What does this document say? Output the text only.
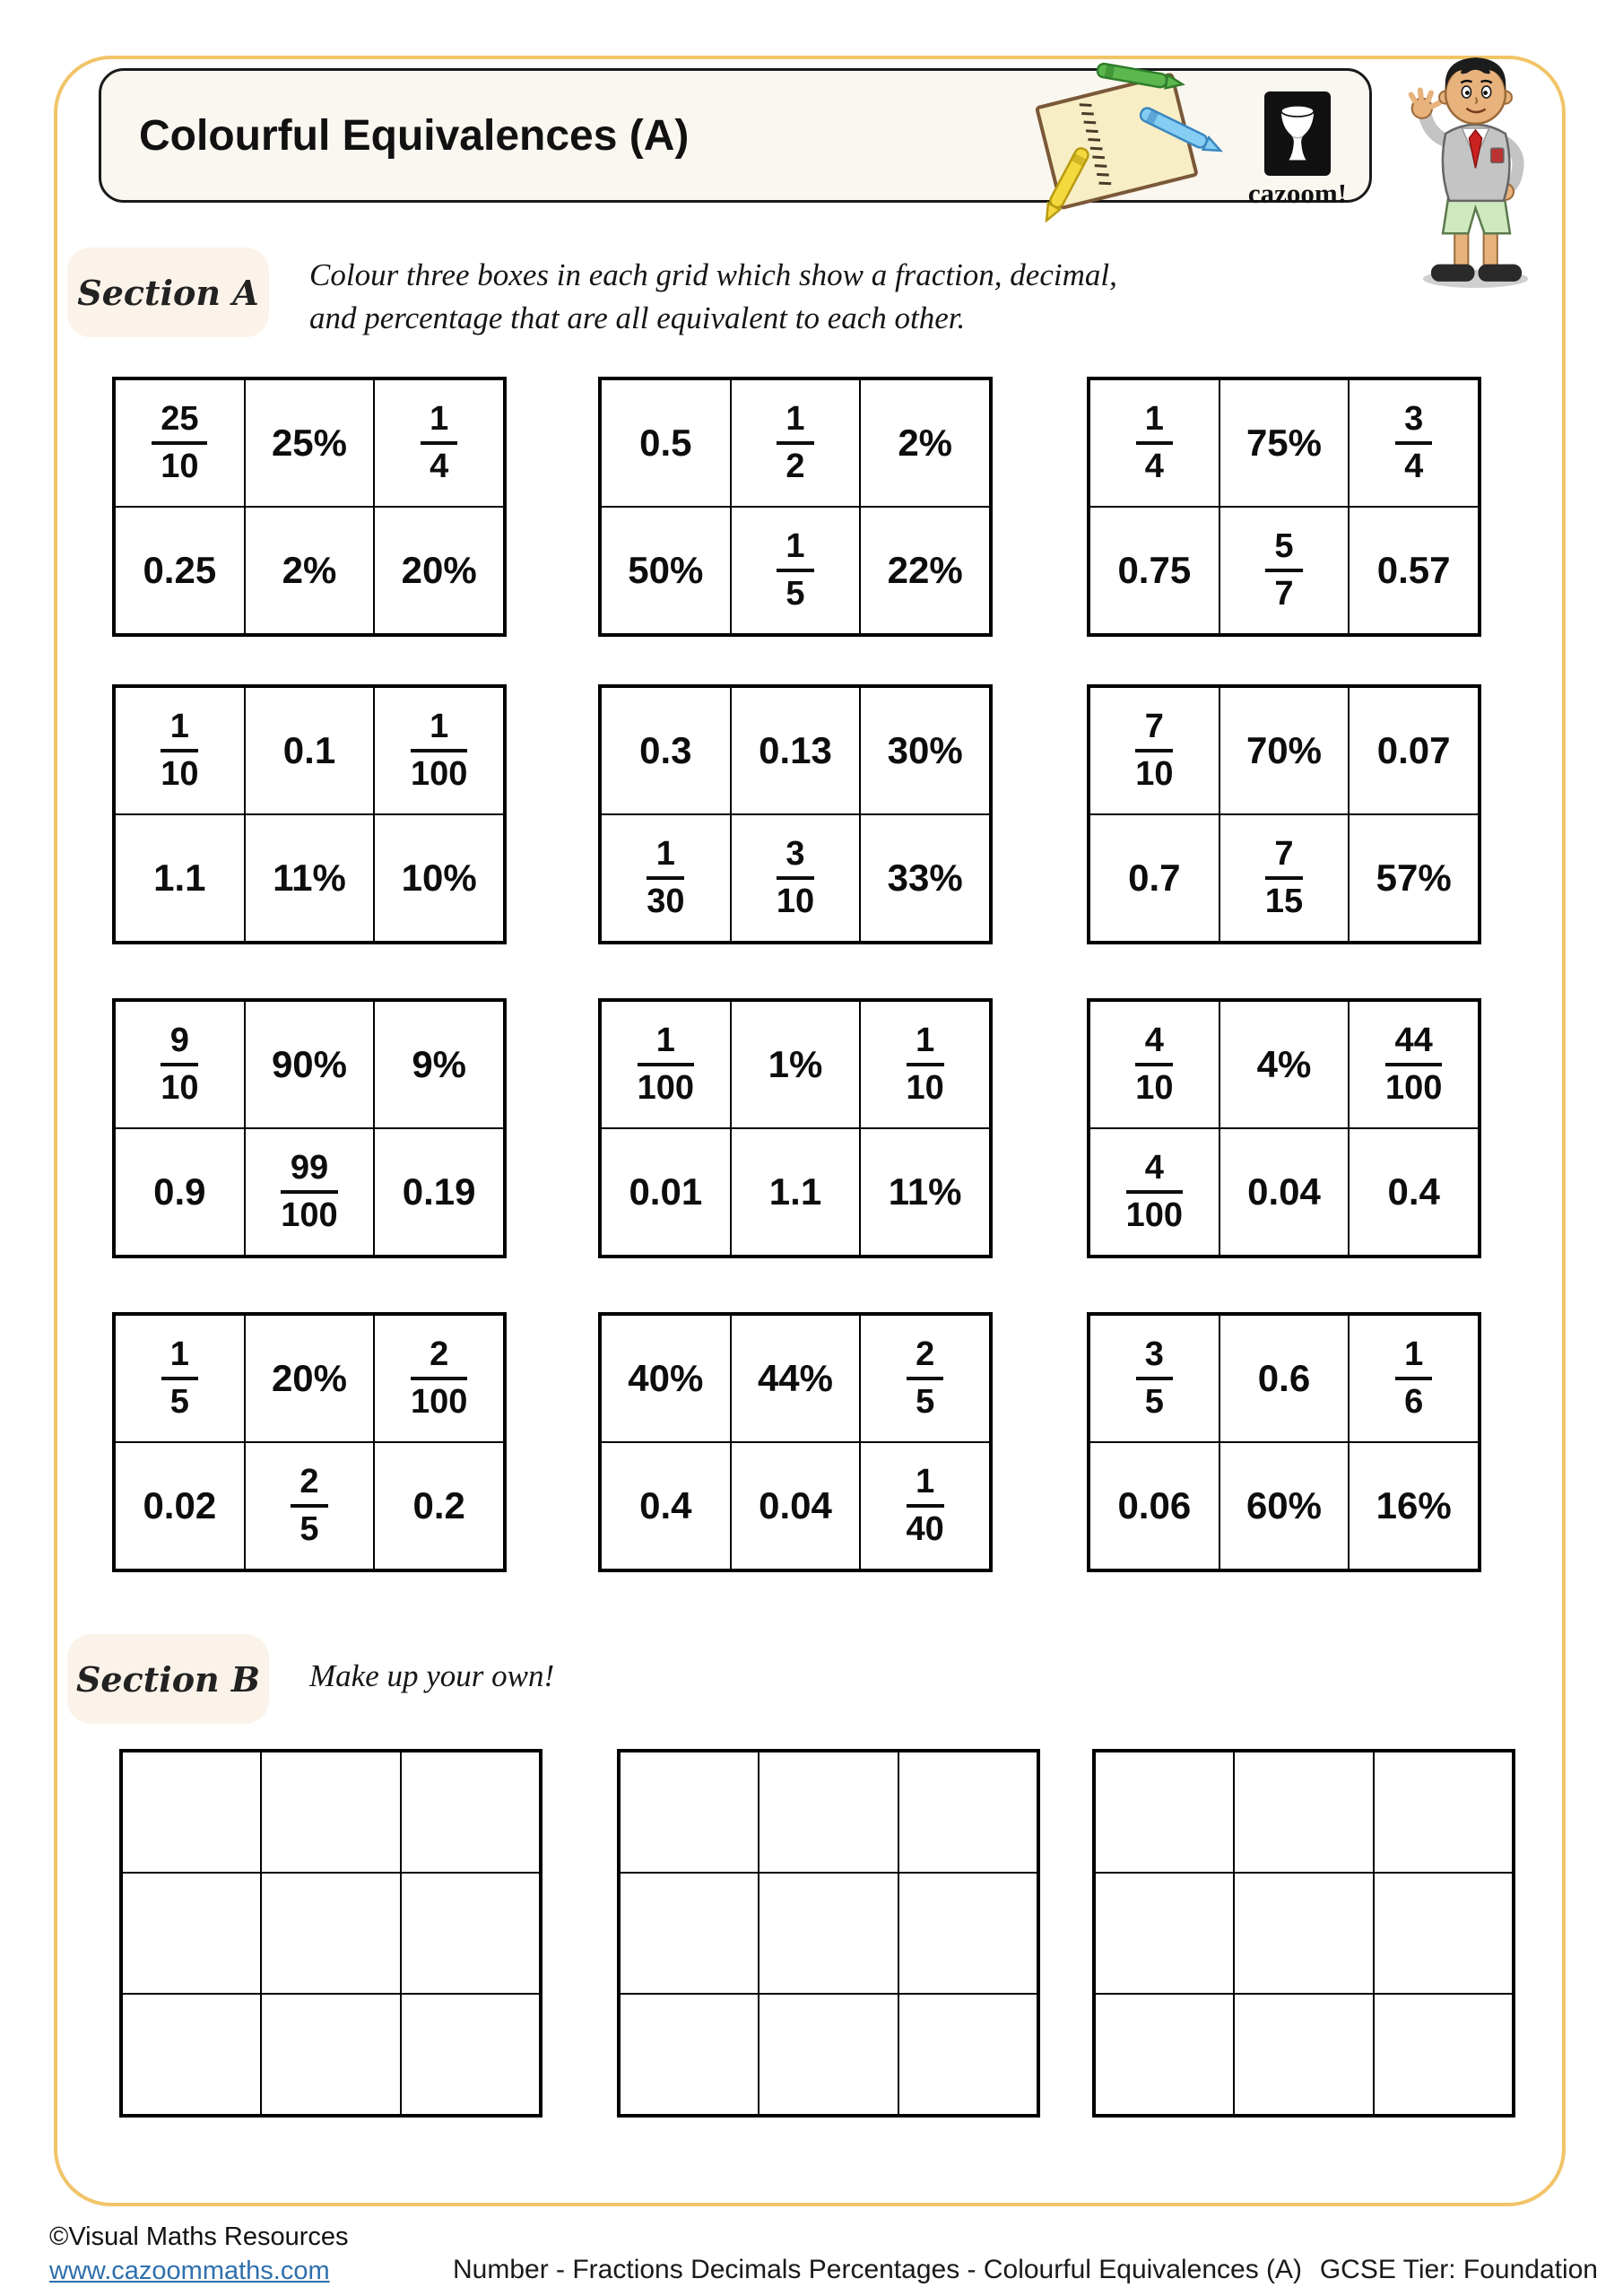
Colourful Equivalences (A)
cazoom!
Section A	Colour three boxes in each grid which show a fraction, decimal,
and percentage that are all equivalent to each other.
Section B Make up your own!
©Visual Maths Resources
www.cazoommaths.com	Number - Fractions Decimals Percentages - Colourful Equivalences (A) GCSE Tier: Foundation
$\frac{25}{10} 25\% \frac{1}{4}$
0.25 2% 20%
$0.5 \frac{1}{2} 2\%$
$50\% \frac{1}{5} 22\%$
$\frac{1}{4} 75\% \frac{3}{4}$
$0.75 \frac{5}{7} 0.57$
$\frac{1}{10} 0.1 \frac{1}{100}$
1.1 11% 10%
0.3 0.13 30%
$\frac{1}{30}$	$\frac{3}{10} 33\%$
$\frac{7}{10} 70\%$ 0.07
$0.7 \frac{7}{15} 57\%$
$\frac{9}{10} 90\%$ 9%
$0.9 \frac{99}{100} 0.19$
$\frac{1}{100} 1\% \frac{1}{10}$
0.01 1.1 11%
$\frac{4}{10} 4\% \frac{44}{100}$
$\frac{4}{100} 0.04$ 0.4
$\frac{1}{5} 20\% \frac{2}{100}$
$0.02 \frac{2}{5} 0.2$
40% $44\% \frac{2}{5}$
0.4 $0.04 \frac{1}{40}$
$\frac{3}{5} 0.6 \frac{1}{6}$
0.06 60% 16%
